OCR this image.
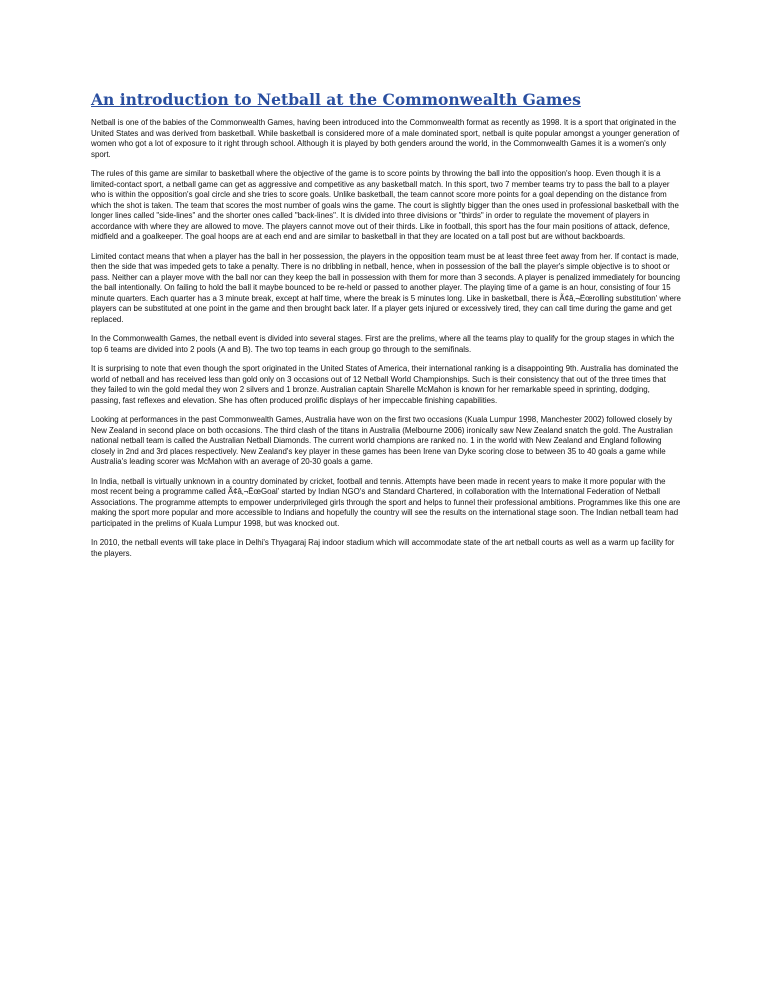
An introduction to Netball at the Commonwealth Games

Netball is one of the babies of the Commonwealth Games, having been introduced into the Commonwealth format as recently as 1998. It is a sport that originated in the United States and was derived from basketball. While basketball is considered more of a male dominated sport, netball is quite popular amongst a younger generation of women who got a lot of exposure to it right through school. Although it is played by both genders around the world, in the Commonwealth Games it is a women's only sport.

The rules of this game are similar to basketball where the objective of the game is to score points by throwing the ball into the opposition's hoop. Even though it is a limited-contact sport, a netball game can get as aggressive and competitive as any basketball match. In this sport, two 7 member teams try to pass the ball to a player who is within the opposition's goal circle and she tries to score goals. Unlike basketball, the team cannot score more points for a goal depending on the distance from which the shot is taken. The team that scores the most number of goals wins the game. The court is slightly bigger than the ones used in professional basketball with the longer lines called "side-lines" and the shorter ones called "back-lines". It is divided into three divisions or "thirds" in order to regulate the movement of players in accordance with where they are allowed to move. The players cannot move out of their thirds. Like in football, this sport has the four main positions of attack, defence, midfield and a goalkeeper. The goal hoops are at each end and are similar to basketball in that they are located on a tall post but are without backboards.

Limited contact means that when a player has the ball in her possession, the players in the opposition team must be at least three feet away from her. If contact is made, then the side that was impeded gets to take a penalty. There is no dribbling in netball, hence, when in possession of the ball the player's simple objective is to shoot or pass. Neither can a player move with the ball nor can they keep the ball in possession with them for more than 3 seconds. A player is penalized immediately for bouncing the ball intentionally. On failing to hold the ball it maybe bounced to be re-held or passed to another player. The playing time of a game is an hour, consisting of four 15 minute quarters. Each quarter has a 3 minute break, except at half time, where the break is 5 minutes long. Like in basketball, there is Ã¢â‚¬Ëœrolling substitution' where players can be substituted at one point in the game and then brought back later. If a player gets injured or excessively tired, they can call time during the game and get replaced.

In the Commonwealth Games, the netball event is divided into several stages. First are the prelims, where all the teams play to qualify for the group stages in which the top 6 teams are divided into 2 pools (A and B). The two top teams in each group go through to the semifinals.

It is surprising to note that even though the sport originated in the United States of America, their international ranking is a disappointing 9th. Australia has dominated the world of netball and has received less than gold only on 3 occasions out of 12 Netball World Championships. Such is their consistency that out of the three times that they failed to win the gold medal they won 2 silvers and 1 bronze. Australian captain Sharelle McMahon is known for her remarkable speed in sprinting, dodging, passing, fast reflexes and elevation. She has often produced prolific displays of her impeccable finishing capabilities.

Looking at performances in the past Commonwealth Games, Australia have won on the first two occasions (Kuala Lumpur 1998, Manchester 2002) followed closely by New Zealand in second place on both occasions. The third clash of the titans in Australia (Melbourne 2006) ironically saw New Zealand snatch the gold. The Australian national netball team is called the Australian Netball Diamonds. The current world champions are ranked no. 1 in the world with New Zealand and England following closely in 2nd and 3rd places respectively. New Zealand's key player in these games has been Irene van Dyke scoring close to between 35 to 40 goals a game while Australia's leading scorer was McMahon with an average of 20-30 goals a game.

In India, netball is virtually unknown in a country dominated by cricket, football and tennis. Attempts have been made in recent years to make it more popular with the most recent being a programme called Ã¢â‚¬ËœGoal' started by Indian NGO's and Standard Chartered, in collaboration with the International Federation of Netball Associations. The programme attempts to empower underprivileged girls through the sport and helps to funnel their professional ambitions. Programmes like this one are making the sport more popular and more accessible to Indians and hopefully the country will see the results on the international stage soon. The Indian netball team had participated in the prelims of Kuala Lumpur 1998, but was knocked out.

In 2010, the netball events will take place in Delhi's Thyagaraj Raj indoor stadium which will accommodate state of the art netball courts as well as a warm up facility for the players.
